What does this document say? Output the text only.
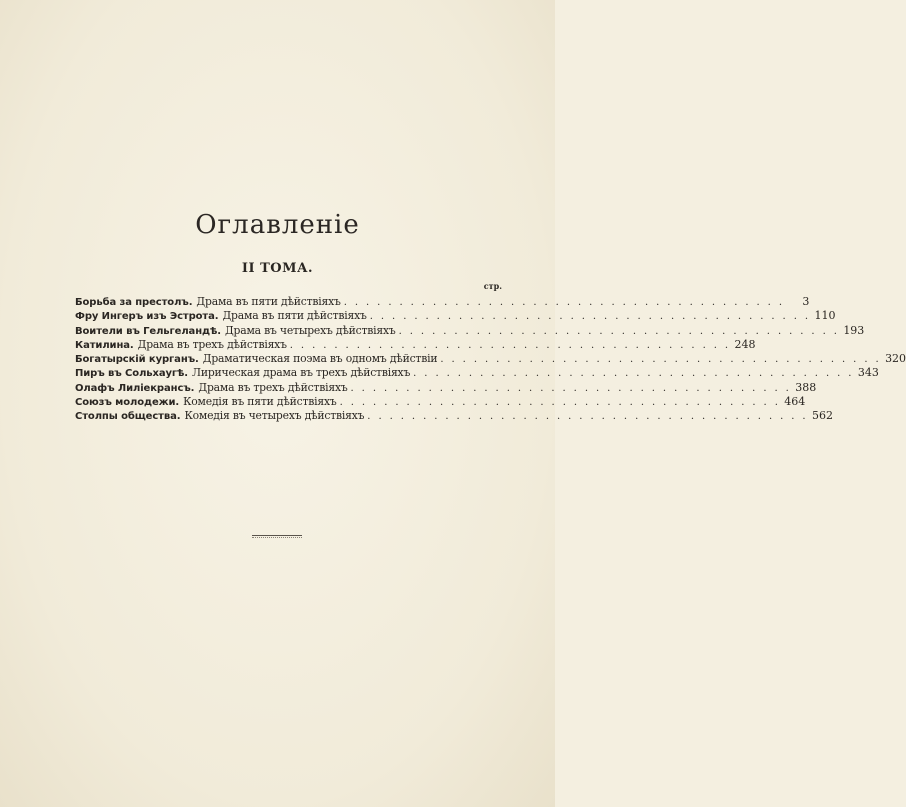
Оглавленіе
II ТОМА.
стр.
Борьба за престолъ. Драма въ пяти дѣйствіяхъ . . . . . . . . . . . . . . . . . . . . . . . . . . . . . . . . . . . . . . . .	3
Фру Ингеръ изъ Эстрота. Драма въ пяти дѣйствіяхъ . . . . . . . . . . . . . . . . . . . . . . . . . . . . . . . . . . . . . . . . 110
Воители въ Гельгеландѣ. Драма въ четырехъ дѣйствіяхъ . . . . . . . . . . . . . . . . . . . . . . . . . . . . . . . . . . . . . . . . 193
Катилина. Драма въ трехъ дѣйствіяхъ . . . . . . . . . . . . . . . . . . . . . . . . . . . . . . . . . . . . . . . . 248
Богатырскій курганъ. Драматическая поэма въ одномъ дѣйствіи . . . . . . . . . . . . . . . . . . . . . . . . . . . . . . . . . . . . . . . . 320
Пиръ въ Сольхаугѣ. Лирическая драма въ трехъ дѣйствіяхъ . . . . . . . . . . . . . . . . . . . . . . . . . . . . . . . . . . . . . . . . 343
Олафъ Лиліекрансъ. Драма въ трехъ дѣйствіяхъ . . . . . . . . . . . . . . . . . . . . . . . . . . . . . . . . . . . . . . . . 388
Союзъ молодежи. Комедія въ пяти дѣйствіяхъ . . . . . . . . . . . . . . . . . . . . . . . . . . . . . . . . . . . . . . . . 464
Столпы общества. Комедія въ четырехъ дѣйствіяхъ . . . . . . . . . . . . . . . . . . . . . . . . . . . . . . . . . . . . . . . . 562
